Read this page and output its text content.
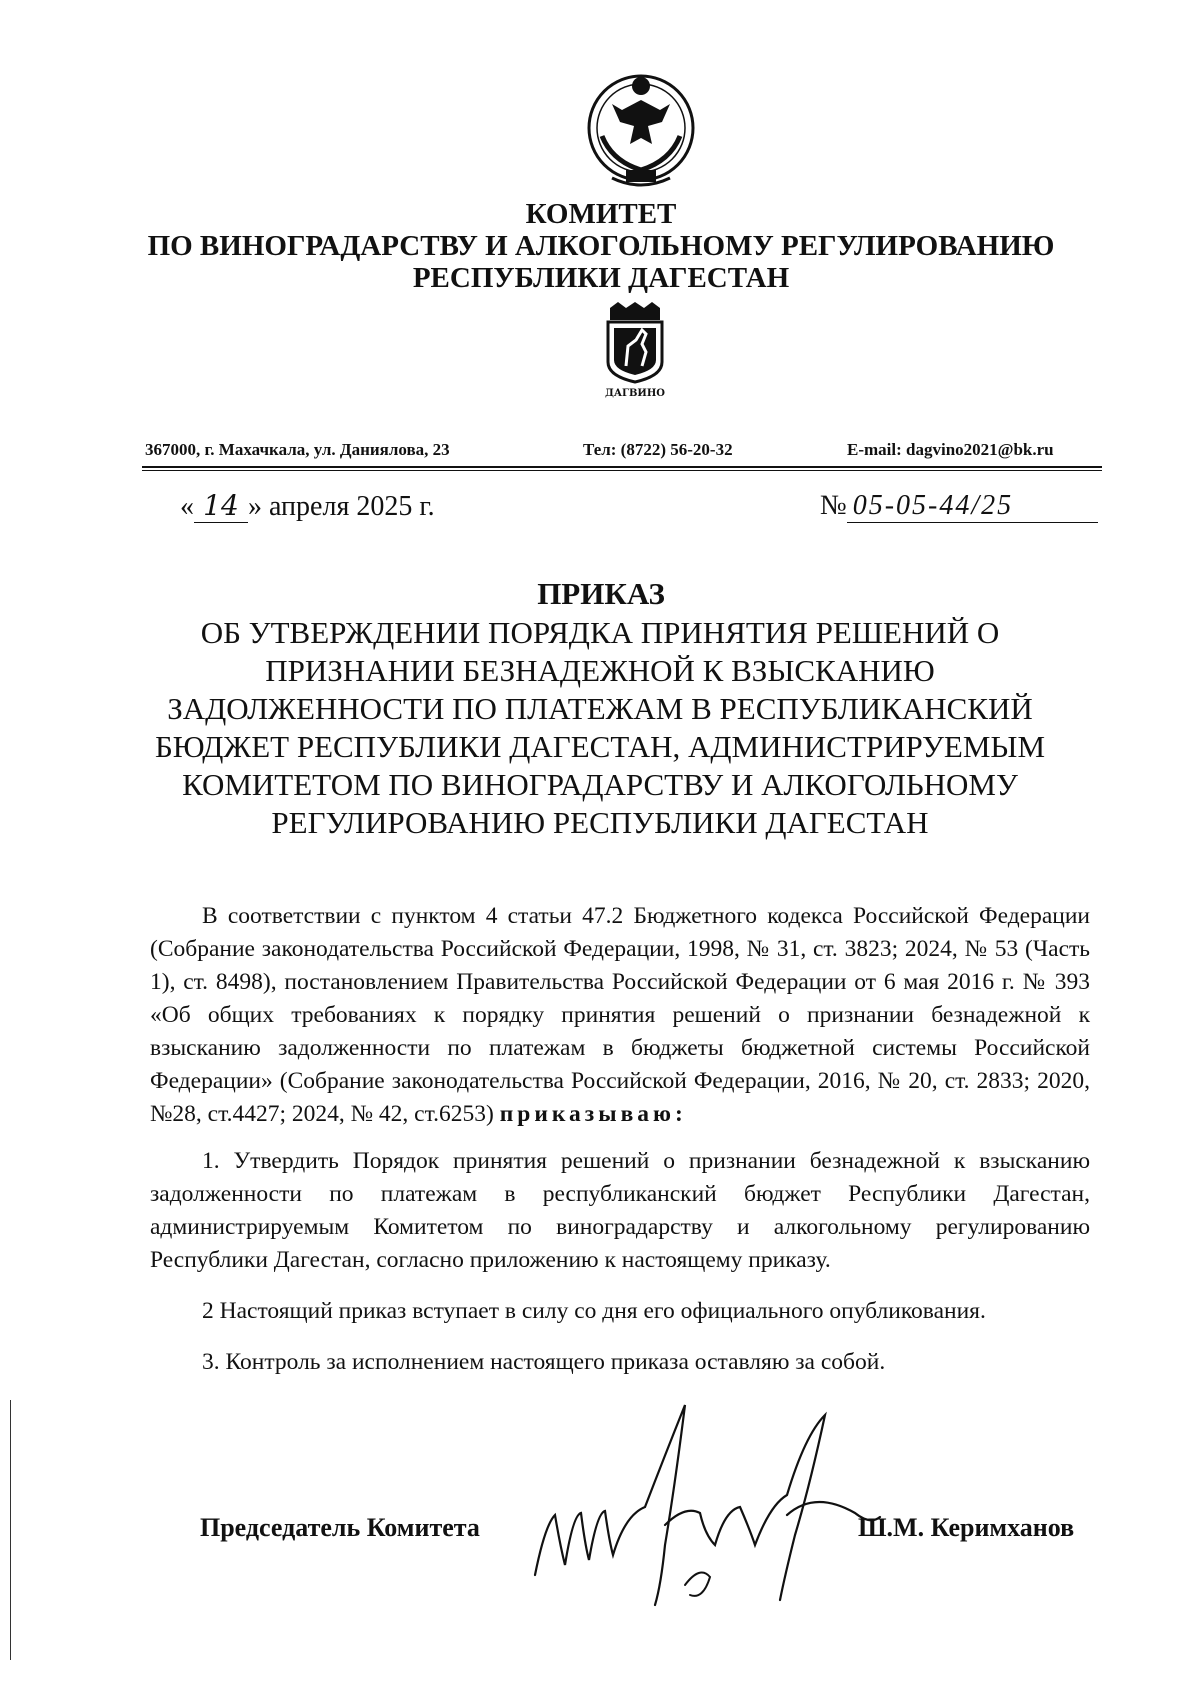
КОМИТЕТ
ПО ВИНОГРАДАРСТВУ И АЛКОГОЛЬНОМУ РЕГУЛИРОВАНИЮ
РЕСПУБЛИКИ ДАГЕСТАН
ДАГВИНО
367000, г. Махачкала, ул. Даниялова, 23	Тел: (8722) 56-20-32	E-mail: dagvino2021@bk.ru
« 14 » апреля 2025 г.	№ 05-05-44/25
ПРИКАЗ
ОБ УТВЕРЖДЕНИИ ПОРЯДКА ПРИНЯТИЯ РЕШЕНИЙ О ПРИЗНАНИИ БЕЗНАДЕЖНОЙ К ВЗЫСКАНИЮ ЗАДОЛЖЕННОСТИ ПО ПЛАТЕЖАМ В РЕСПУБЛИКАНСКИЙ БЮДЖЕТ РЕСПУБЛИКИ ДАГЕСТАН, АДМИНИСТРИРУЕМЫМ КОМИТЕТОМ ПО ВИНОГРАДАРСТВУ И АЛКОГОЛЬНОМУ РЕГУЛИРОВАНИЮ РЕСПУБЛИКИ ДАГЕСТАН

В соответствии с пунктом 4 статьи 47.2 Бюджетного кодекса Российской Федерации (Собрание законодательства Российской Федерации, 1998, № 31, ст. 3823; 2024, № 53 (Часть 1), ст. 8498), постановлением Правительства Российской Федерации от 6 мая 2016 г. № 393 «Об общих требованиях к порядку принятия решений о признании безнадежной к взысканию задолженности по платежам в бюджеты бюджетной системы Российской Федерации» (Собрание законодательства Российской Федерации, 2016, № 20, ст. 2833; 2020, №28, ст.4427; 2024, № 42, ст.6253) приказываю:

1. Утвердить Порядок принятия решений о признании безнадежной к взысканию задолженности по платежам в республиканский бюджет Республики Дагестан, администрируемым Комитетом по виноградарству и алкогольному регулированию Республики Дагестан, согласно приложению к настоящему приказу.

2 Настоящий приказ вступает в силу со дня его официального опубликования.

3. Контроль за исполнением настоящего приказа оставляю за собой.

Председатель Комитета	Ш.М. Керимханов
